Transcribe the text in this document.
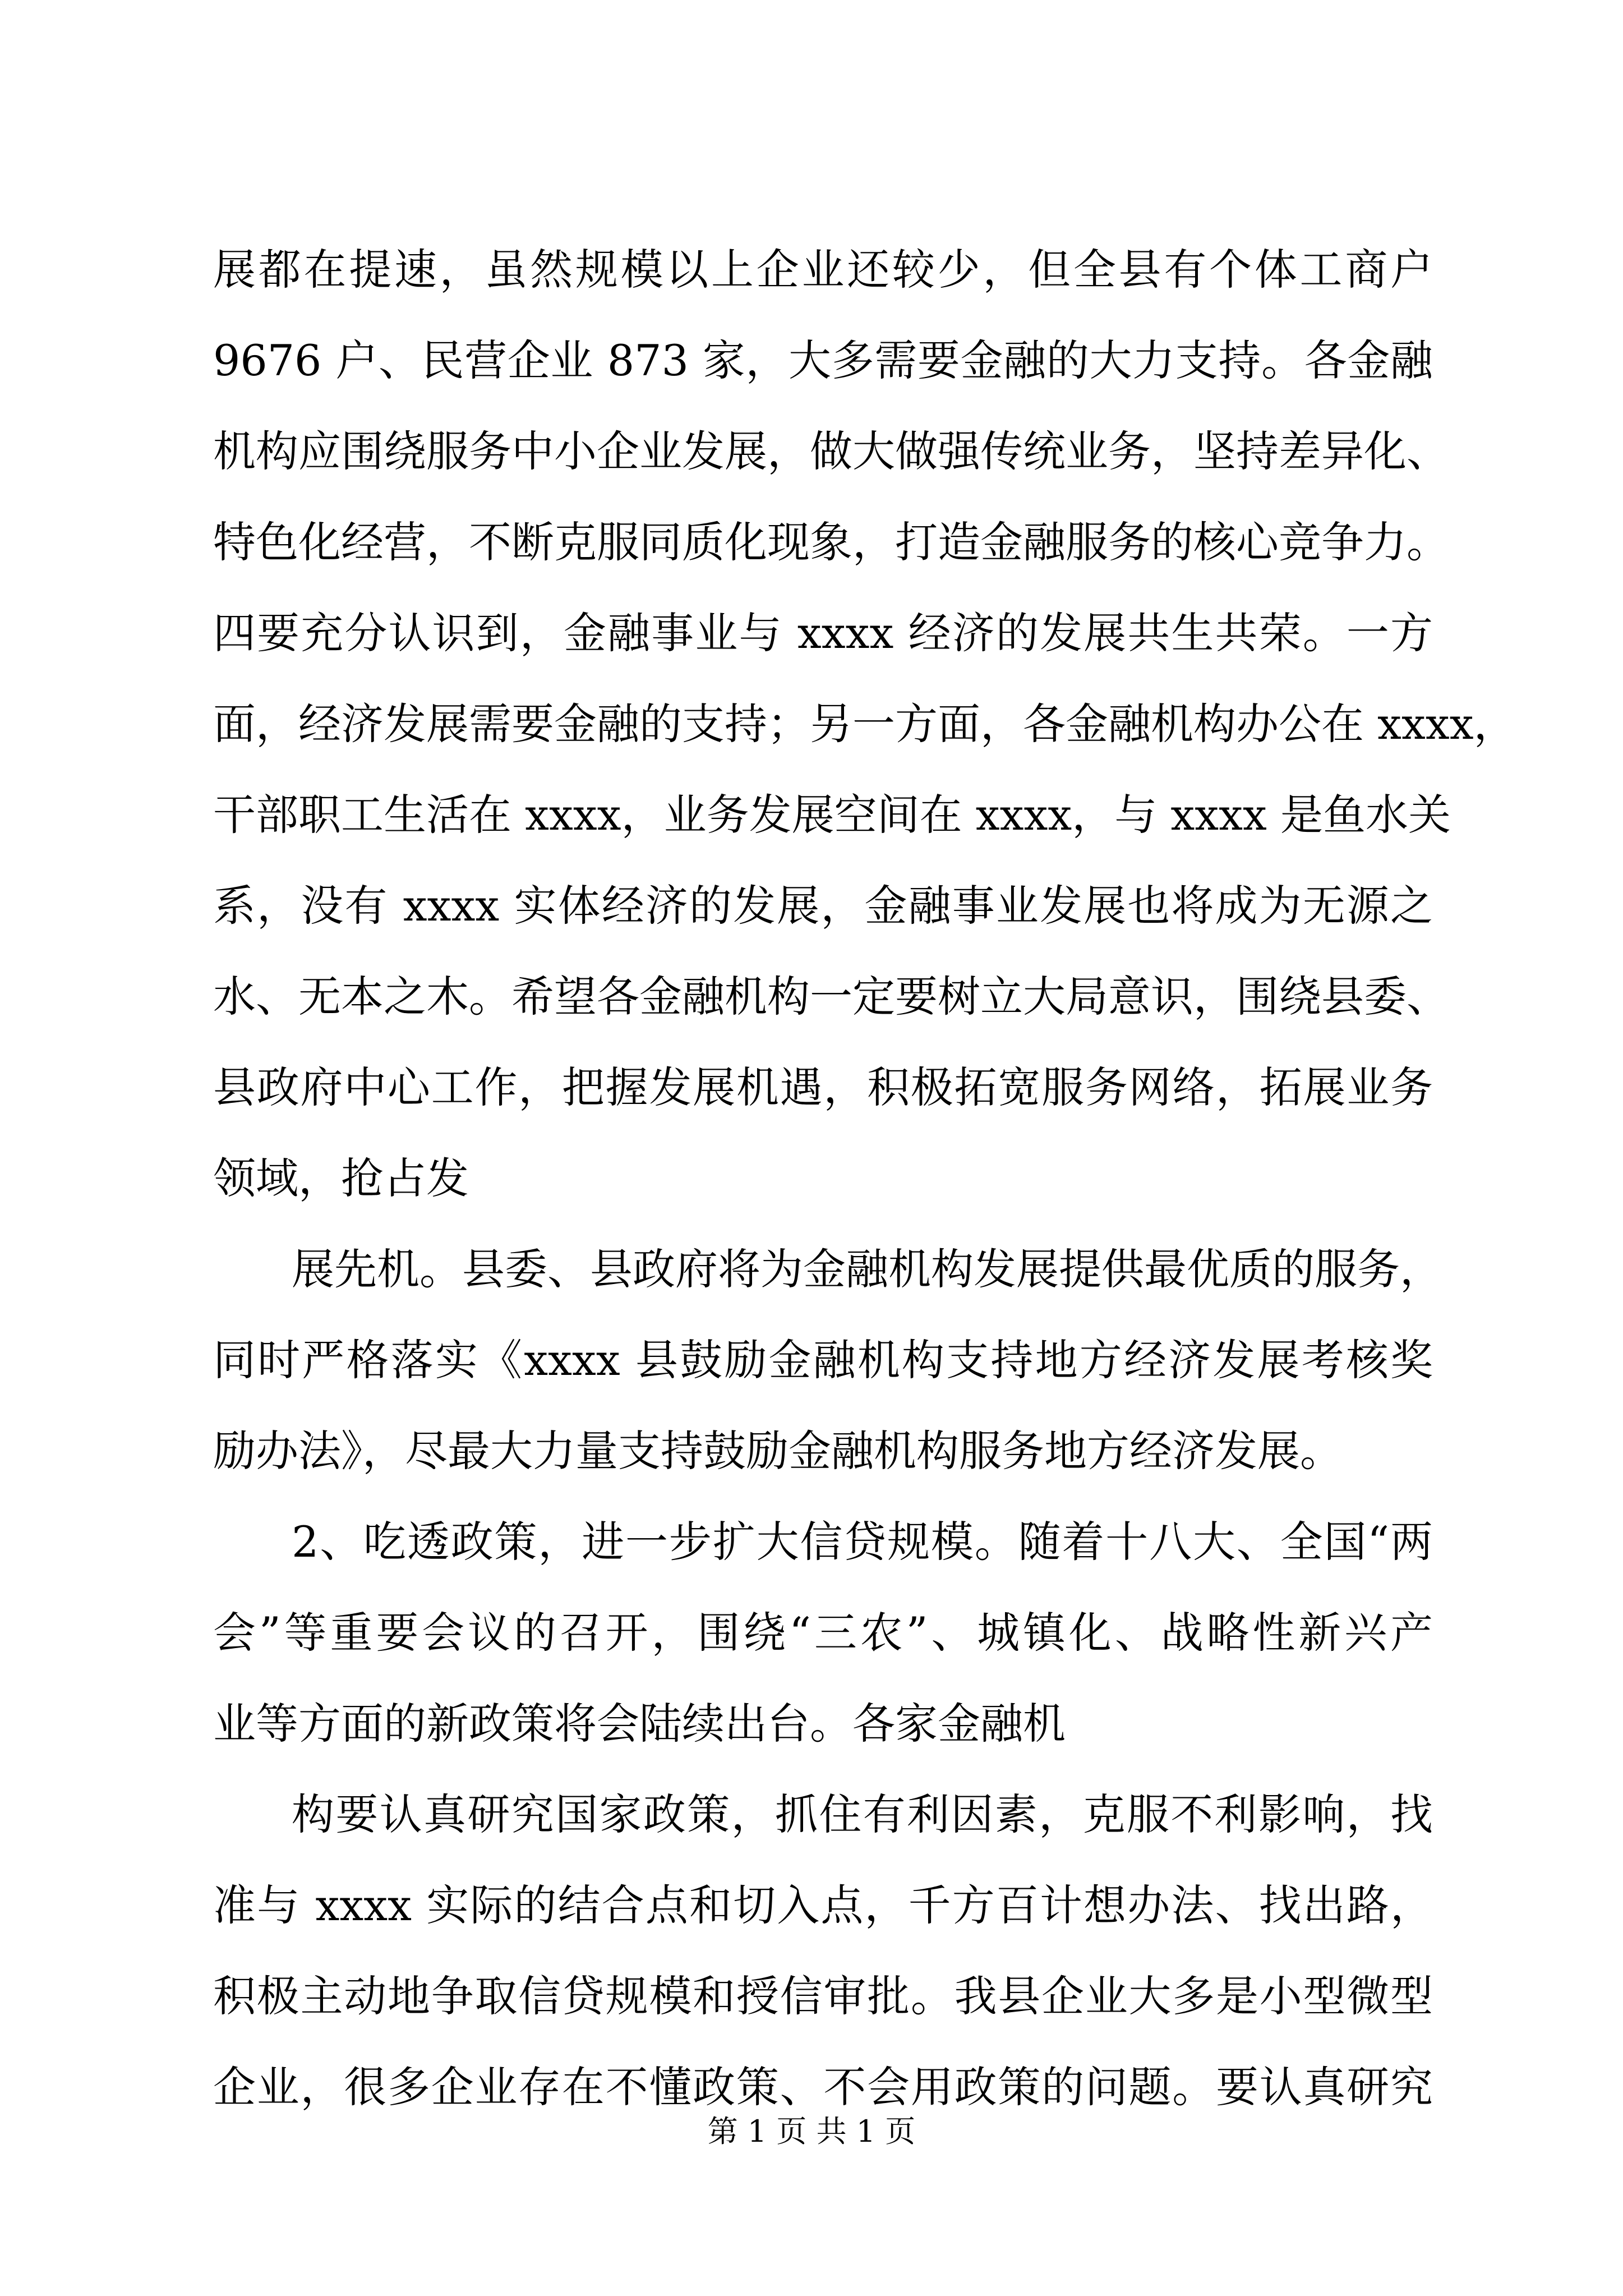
展都在提速，虽然规模以上企业还较少，但全县有个体工商户
9676 户、民营企业 873 家，大多需要金融的大力支持。各金融
机构应围绕服务中小企业发展，做大做强传统业务，坚持差异化、
特色化经营，不断克服同质化现象，打造金融服务的核心竞争力。
四要充分认识到，金融事业与 xxxx 经济的发展共生共荣。一方
面，经济发展需要金融的支持；另一方面，各金融机构办公在 xxxx，
干部职工生活在 xxxx，业务发展空间在 xxxx，与 xxxx 是鱼水关
系，没有 xxxx 实体经济的发展，金融事业发展也将成为无源之
水、无本之木。希望各金融机构一定要树立大局意识，围绕县委、
县政府中心工作，把握发展机遇，积极拓宽服务网络，拓展业务
领域，抢占发
展先机。县委、县政府将为金融机构发展提供最优质的服务，
同时严格落实《xxxx 县鼓励金融机构支持地方经济发展考核奖
励办法》，尽最大力量支持鼓励金融机构服务地方经济发展。
2、吃透政策，进一步扩大信贷规模。随着十八大、全国“两
会”等重要会议的召开，围绕“三农”、城镇化、战略性新兴产
业等方面的新政策将会陆续出台。各家金融机
构要认真研究国家政策，抓住有利因素，克服不利影响，找
准与 xxxx 实际的结合点和切入点，千方百计想办法、找出路，
积极主动地争取信贷规模和授信审批。我县企业大多是小型微型
企业，很多企业存在不懂政策、不会用政策的问题。要认真研究
第 1 页 共 1 页
